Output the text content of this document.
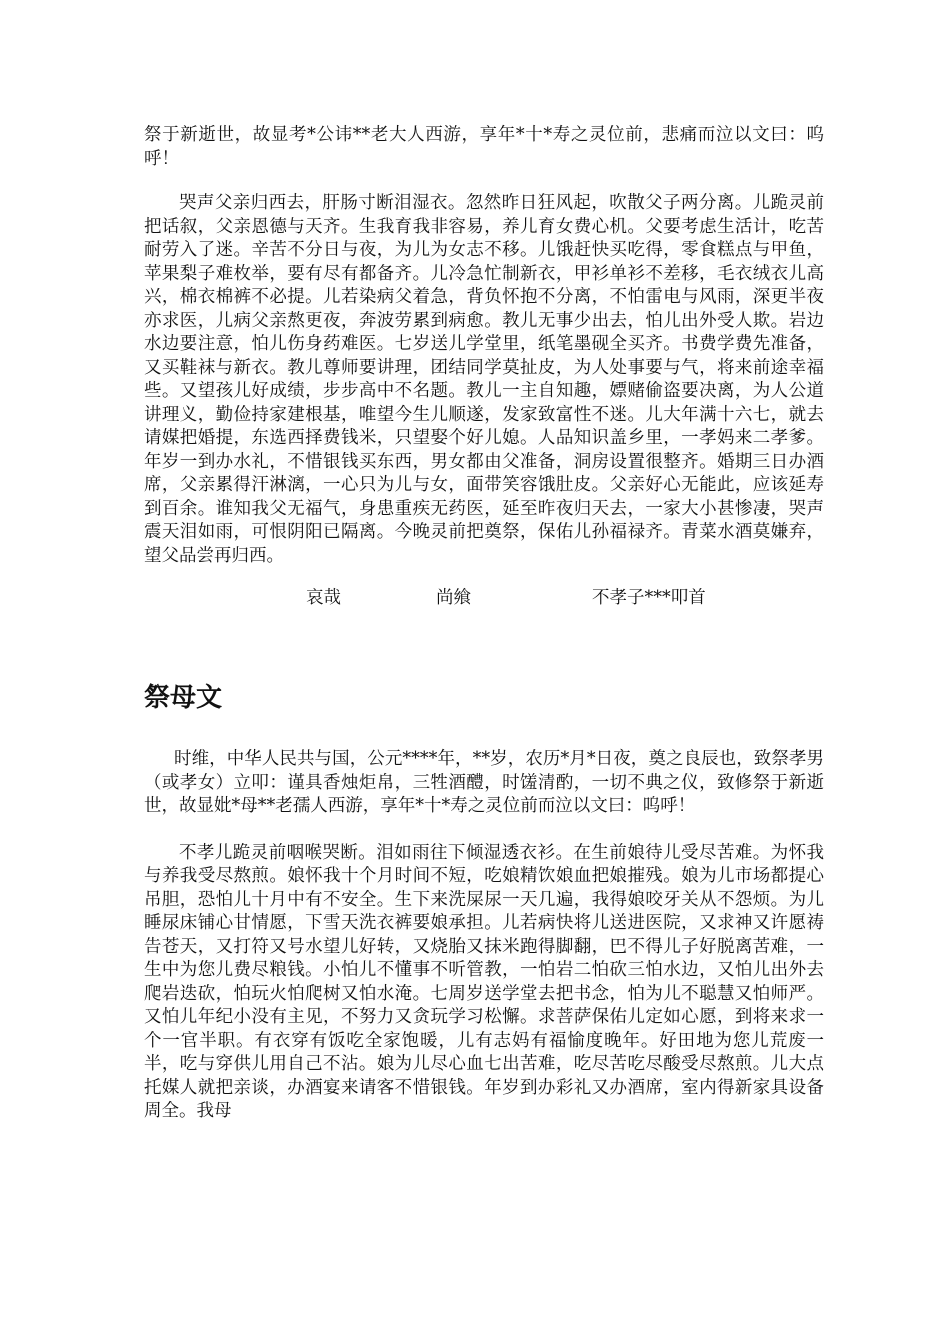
祭于新逝世，故显考*公讳**老大人西游，享年*十*寿之灵位前，悲痛而泣以文曰：呜呼！

哭声父亲归西去，肝肠寸断泪湿衣。忽然昨日狂风起，吹散父子两分离。儿跪灵前把话叙，父亲恩德与天齐。生我育我非容易，养儿育女费心机。父要考虑生活计，吃苦耐劳入了迷。辛苦不分日与夜，为儿为女志不移。儿饿赶快买吃得，零食糕点与甲鱼，苹果梨子难枚举，要有尽有都备齐。儿冷急忙制新衣，甲衫单衫不差移，毛衣绒衣儿高兴，棉衣棉裤不必提。儿若染病父着急，背负怀抱不分离，不怕雷电与风雨，深更半夜亦求医，儿病父亲熬更夜，奔波劳累到病愈。教儿无事少出去，怕儿出外受人欺。岩边水边要注意，怕儿伤身药难医。七岁送儿学堂里，纸笔墨砚全买齐。书费学费先准备，又买鞋袜与新衣。教儿尊师要讲理，团结同学莫扯皮，为人处事要与气，将来前途幸福些。又望孩儿好成绩，步步高中不名题。教儿一主自知趣，嫖赌偷盗要决离，为人公道讲理义，勤俭持家建根基，唯望今生儿顺遂，发家致富性不迷。儿大年满十六七，就去请媒把婚提，东选西择费钱米，只望娶个好儿媳。人品知识盖乡里，一孝妈来二孝爹。年岁一到办水礼，不惜银钱买东西，男女都由父准备，洞房设置很整齐。婚期三日办酒席，父亲累得汗淋漓，一心只为儿与女，面带笑容饿肚皮。父亲好心无能此，应该延寿到百余。谁知我父无福气，身患重疾无药医，延至昨夜归天去，一家大小甚惨凄，哭声震天泪如雨，可恨阴阳已隔离。今晚灵前把奠祭，保佑儿孙福禄齐。青菜水酒莫嫌弃，望父品尝再归西。

哀哉	尚飨	不孝子***叩首
祭母文

时维，中华人民共与国，公元****年，**岁，农历*月*日夜，奠之良辰也，致祭孝男（或孝女）立叩：谨具香烛炬帛，三牲酒醴，时馐清酌，一切不典之仪，致修祭于新逝世，故显妣*母**老孺人西游，享年*十*寿之灵位前而泣以文曰：呜呼！

不孝儿跪灵前咽喉哭断。泪如雨往下倾湿透衣衫。在生前娘待儿受尽苦难。为怀我与养我受尽熬煎。娘怀我十个月时间不短，吃娘精饮娘血把娘摧残。娘为儿市场都提心吊胆，恐怕儿十月中有不安全。生下来洗屎尿一天几遍，我得娘咬牙关从不怨烦。为儿睡尿床铺心甘情愿，下雪天洗衣裤要娘承担。儿若病快将儿送进医院，又求神又许愿祷告苍天，又打符又号水望儿好转，又烧胎又抹米跑得脚翻，巴不得儿子好脱离苦难，一生中为您儿费尽粮钱。小怕儿不懂事不听管教，一怕岩二怕砍三怕水边，又怕儿出外去爬岩迭砍，怕玩火怕爬树又怕水淹。七周岁送学堂去把书念，怕为儿不聪慧又怕师严。又怕儿年纪小没有主见，不努力又贪玩学习松懈。求菩萨保佑儿定如心愿，到将来求一个一官半职。有衣穿有饭吃全家饱暖，儿有志妈有福愉度晚年。好田地为您儿荒废一半，吃与穿供儿用自己不沾。娘为儿尽心血七出苦难，吃尽苦吃尽酸受尽熬煎。儿大点托媒人就把亲谈，办酒宴来请客不惜银钱。年岁到办彩礼又办酒席，室内得新家具设备周全。我母
